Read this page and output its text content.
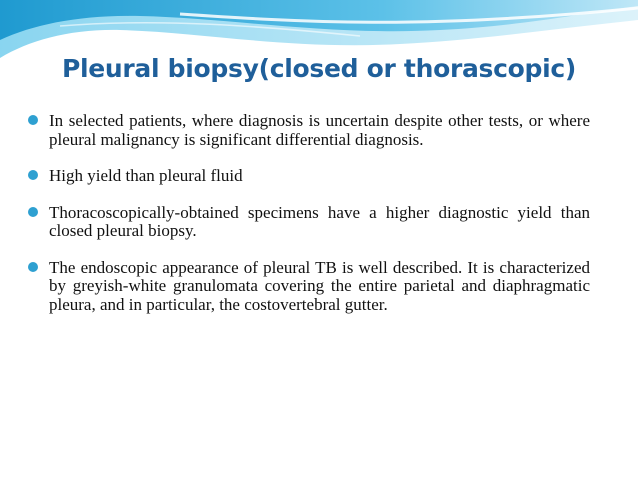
Pleural biopsy(closed or thorascopic)
In selected patients, where diagnosis is uncertain despite other tests, or where pleural malignancy is significant differential diagnosis.
High yield than pleural fluid
Thoracoscopically-obtained specimens have a higher diagnostic yield than closed pleural biopsy.
The endoscopic appearance of pleural TB is well described. It is characterized by greyish-white granulomata covering the entire parietal and diaphragmatic pleura, and in particular, the costovertebral gutter.
